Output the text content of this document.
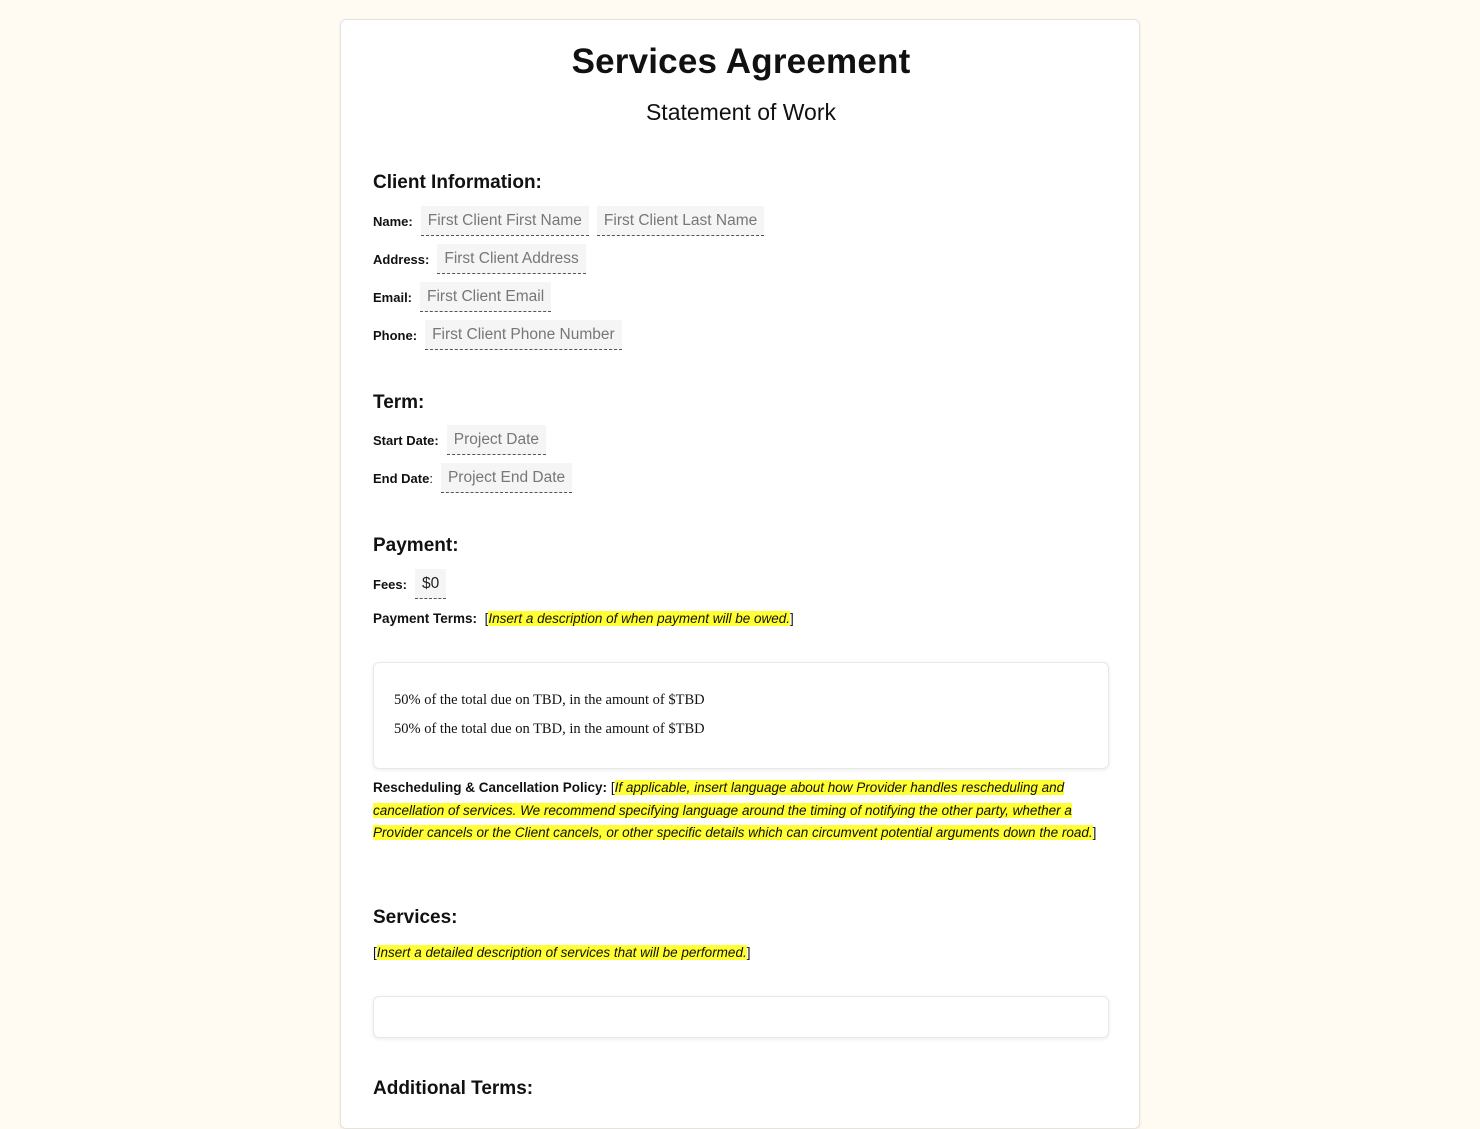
Services Agreement
Statement of Work
Client Information:
Name: First Client First Name	First Client Last Name
Address: First Client Address
Email: First Client Email
Phone: First Client Phone Number
Term:
Start Date: Project Date
End Date : Project End Date
Payment:
Fees: $0
Payment Terms: [Insert a description of when payment will be owed.]
50% of the total due on TBD, in the amount of $TBD
50% of the total due on TBD, in the amount of $TBD
Rescheduling & Cancellation Policy: [If applicable, insert language about how Provider handles rescheduling and cancellation of services. We recommend specifying language around the timing of notifying the other party, whether a Provider cancels or the Client cancels, or other specific details which can circumvent potential arguments down the road.]
Services:
[Insert a detailed description of services that will be performed.]
Additional Terms:
